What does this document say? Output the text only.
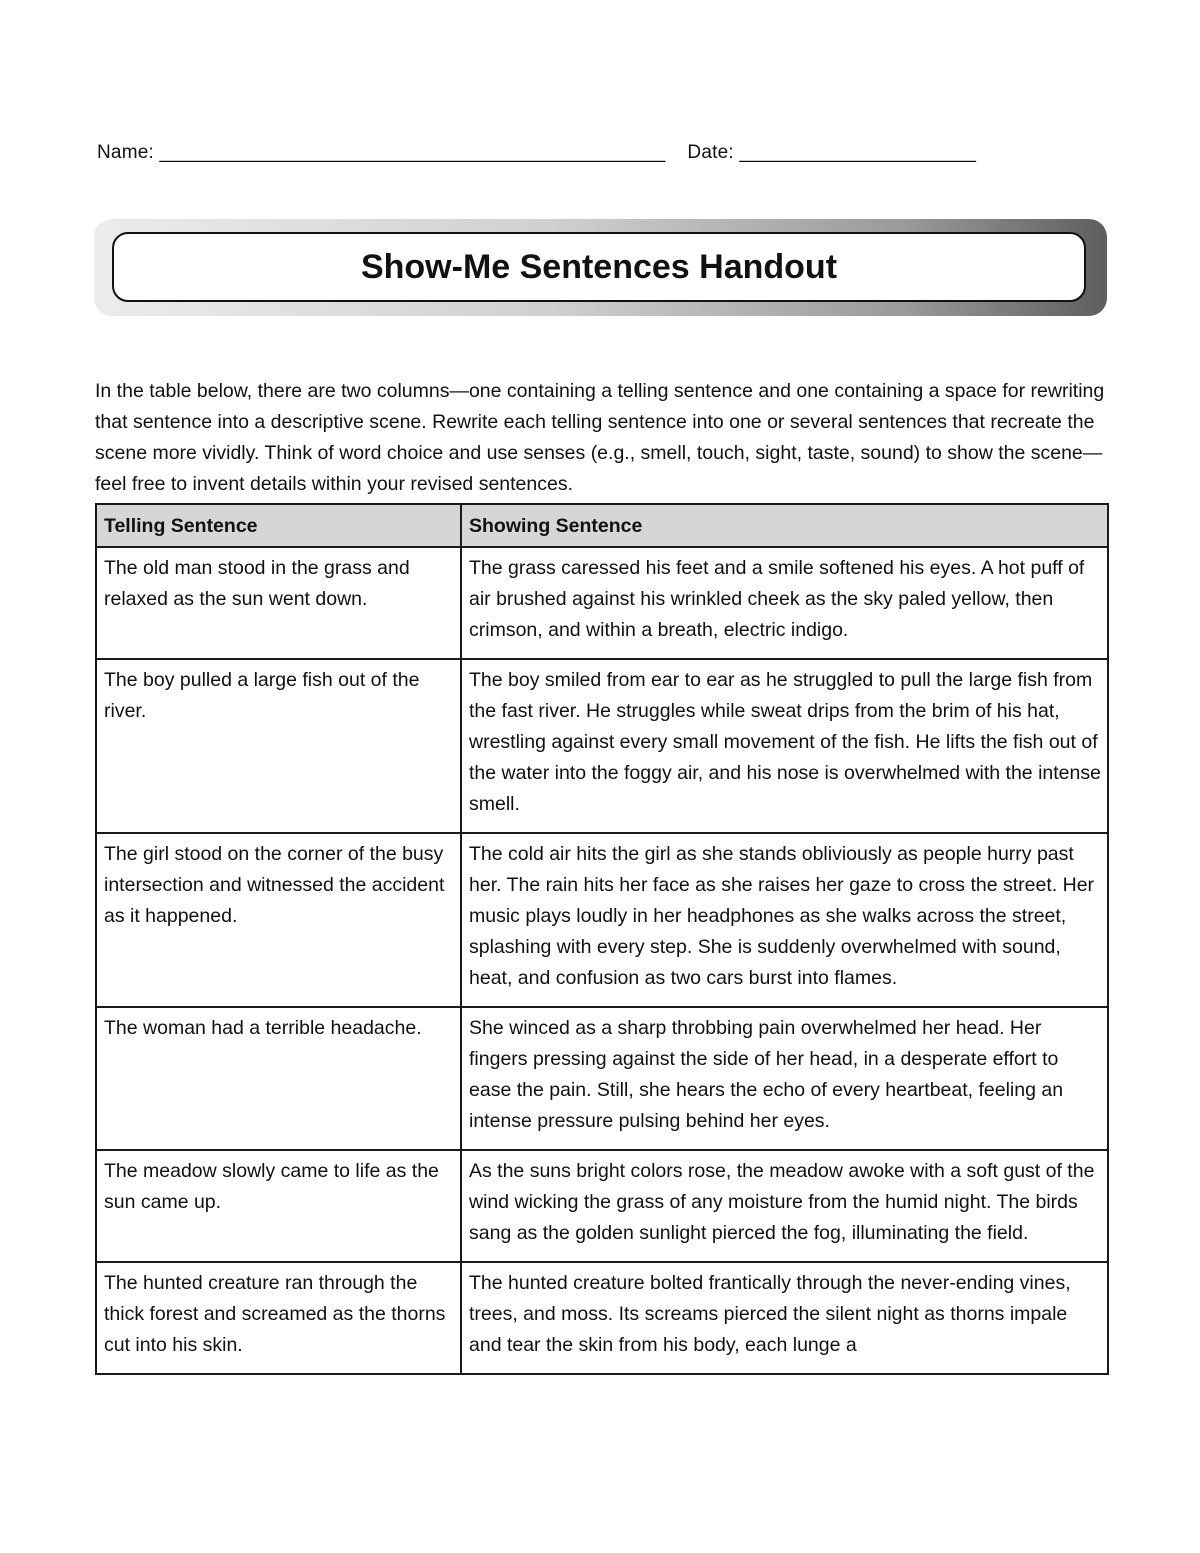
Name: _______________________________________________ Date: ______________________
Show-Me Sentences Handout

In the table below, there are two columns—one containing a telling sentence and one containing a space for rewriting that sentence into a descriptive scene. Rewrite each telling sentence into one or several sentences that recreate the scene more vividly. Think of word choice and use senses (e.g., smell, touch, sight, taste, sound) to show the scene—feel free to invent details within your revised sentences.

Telling Sentence	Showing Sentence
The old man stood in the grass and relaxed as the sun went down.	The grass caressed his feet and a smile softened his eyes. A hot puff of air brushed against his wrinkled cheek as the sky paled yellow, then crimson, and within a breath, electric indigo.
The boy pulled a large fish out of the river.	The boy smiled from ear to ear as he struggled to pull the large fish from the fast river. He struggles while sweat drips from the brim of his hat, wrestling against every small movement of the fish. He lifts the fish out of the water into the foggy air, and his nose is overwhelmed with the intense smell.
The girl stood on the corner of the busy intersection and witnessed the accident as it happened.	The cold air hits the girl as she stands obliviously as people hurry past her. The rain hits her face as she raises her gaze to cross the street. Her music plays loudly in her headphones as she walks across the street, splashing with every step. She is suddenly overwhelmed with sound, heat, and confusion as two cars burst into flames.
The woman had a terrible headache.	She winced as a sharp throbbing pain overwhelmed her head. Her fingers pressing against the side of her head, in a desperate effort to ease the pain. Still, she hears the echo of every heartbeat, feeling an intense pressure pulsing behind her eyes.
The meadow slowly came to life as the sun came up.	As the suns bright colors rose, the meadow awoke with a soft gust of the wind wicking the grass of any moisture from the humid night. The birds sang as the golden sunlight pierced the fog, illuminating the field.
The hunted creature ran through the thick forest and screamed as the thorns cut into his skin.	The hunted creature bolted frantically through the never-ending vines, trees, and moss. Its screams pierced the silent night as thorns impale and tear the skin from his body, each lunge a
